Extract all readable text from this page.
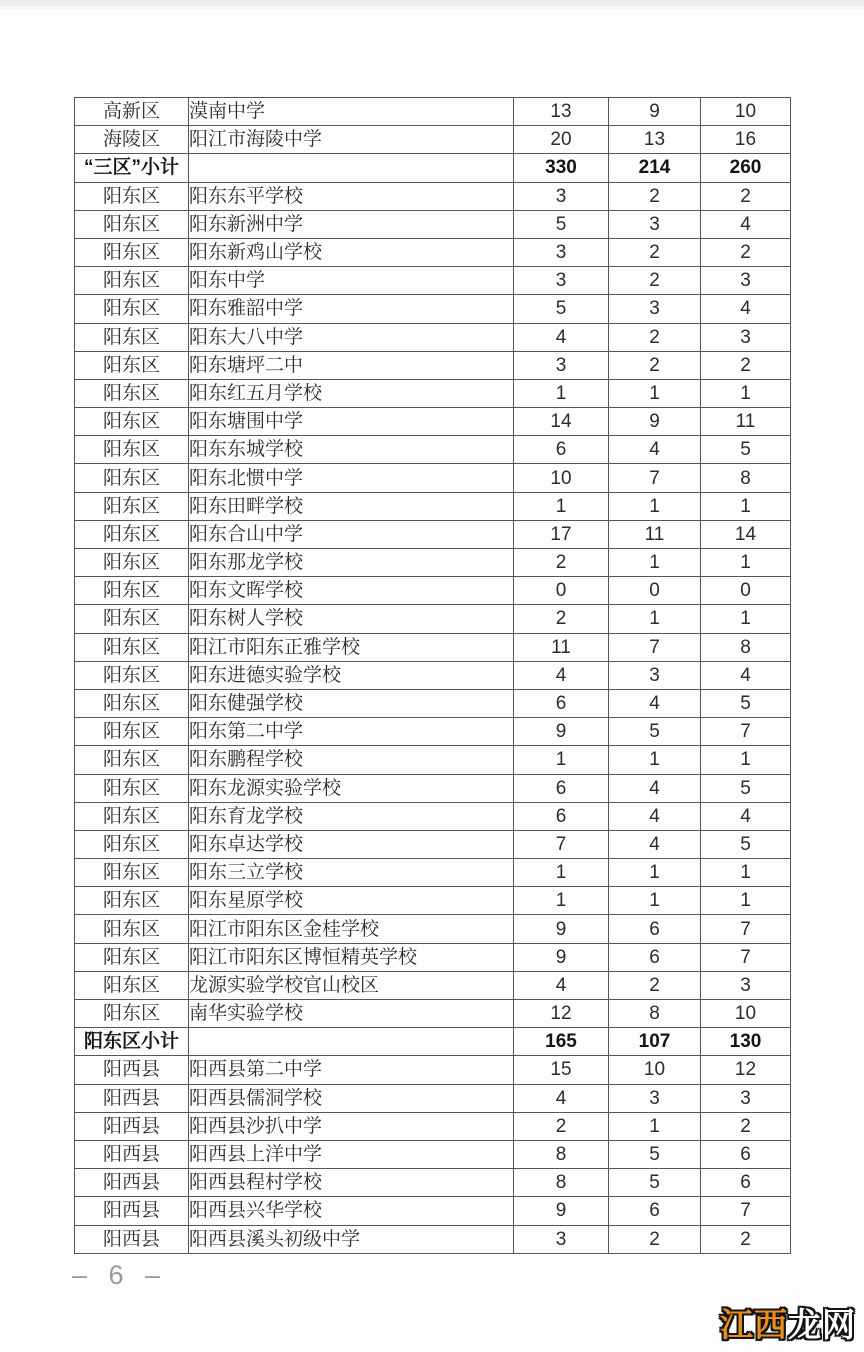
高新区	漠南中学	13	9	10
海陵区	阳江市海陵中学	20	13	16
“三区”小计		330	214	260
阳东区	阳东东平学校	3	2	2
阳东区	阳东新洲中学	5	3	4
阳东区	阳东新鸡山学校	3	2	2
阳东区	阳东中学	3	2	3
阳东区	阳东雅韶中学	5	3	4
阳东区	阳东大八中学	4	2	3
阳东区	阳东塘坪二中	3	2	2
阳东区	阳东红五月学校	1	1	1
阳东区	阳东塘围中学	14	9	11
阳东区	阳东东城学校	6	4	5
阳东区	阳东北惯中学	10	7	8
阳东区	阳东田畔学校	1	1	1
阳东区	阳东合山中学	17	11	14
阳东区	阳东那龙学校	2	1	1
阳东区	阳东文晖学校	0	0	0
阳东区	阳东树人学校	2	1	1
阳东区	阳江市阳东正雅学校	11	7	8
阳东区	阳东进德实验学校	4	3	4
阳东区	阳东健强学校	6	4	5
阳东区	阳东第二中学	9	5	7
阳东区	阳东鹏程学校	1	1	1
阳东区	阳东龙源实验学校	6	4	5
阳东区	阳东育龙学校	6	4	4
阳东区	阳东卓达学校	7	4	5
阳东区	阳东三立学校	1	1	1
阳东区	阳东星原学校	1	1	1
阳东区	阳江市阳东区金桂学校	9	6	7
阳东区	阳江市阳东区博恒精英学校	9	6	7
阳东区	龙源实验学校官山校区	4	2	3
阳东区	南华实验学校	12	8	10
阳东区小计		165	107	130
阳西县	阳西县第二中学	15	10	12
阳西县	阳西县儒洞学校	4	3	3
阳西县	阳西县沙扒中学	2	1	2
阳西县	阳西县上洋中学	8	5	6
阳西县	阳西县程村学校	8	5	6
阳西县	阳西县兴华学校	9	6	7
阳西县	阳西县溪头初级中学	3	2	2
– 6 –
江西龙网
